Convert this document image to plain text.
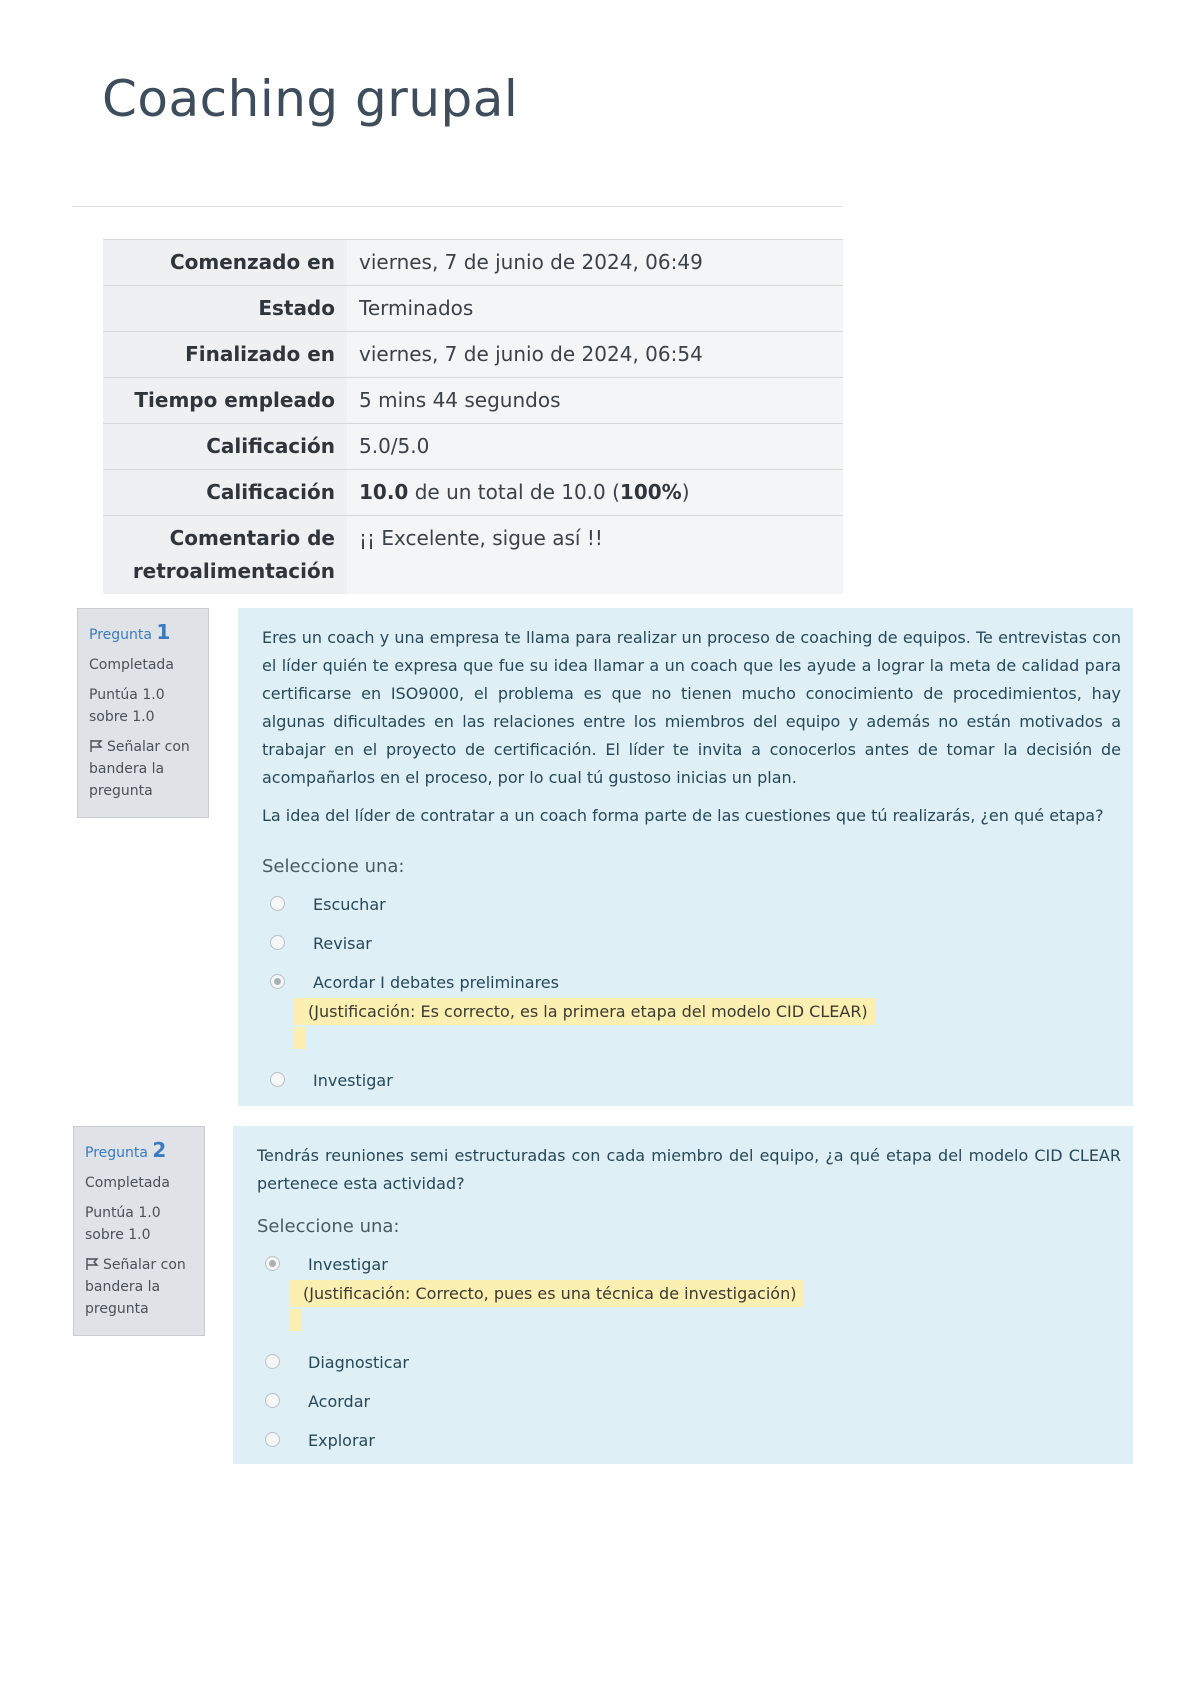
Coaching grupal
Comenzado en	viernes, 7 de junio de 2024, 06:49
Estado	Terminados
Finalizado en	viernes, 7 de junio de 2024, 06:54
Tiempo empleado	5 mins 44 segundos
Calificación	5.0/5.0
Calificación	10.0 de un total de 10.0 (100%)
Comentario de retroalimentación	¡¡ Excelente, sigue así !!
Pregunta 1
Completada
Puntúa 1.0 sobre 1.0
Señalar con bandera la pregunta

Eres un coach y una empresa te llama para realizar un proceso de coaching de equipos. Te entrevistas con el líder quién te expresa que fue su idea llamar a un coach que les ayude a lograr la meta de calidad para certificarse en ISO9000, el problema es que no tienen mucho conocimiento de procedimientos, hay algunas dificultades en las relaciones entre los miembros del equipo y además no están motivados a trabajar en el proyecto de certificación. El líder te invita a conocerlos antes de tomar la decisión de acompañarlos en el proceso, por lo cual tú gustoso inicias un plan.

La idea del líder de contratar a un coach forma parte de las cuestiones que tú realizarás, ¿en qué etapa?

Seleccione una:
Escuchar
Revisar
Acordar I debates preliminares
(Justificación: Es correcto, es la primera etapa del modelo CID CLEAR)
Investigar
Pregunta 2
Completada
Puntúa 1.0 sobre 1.0
Señalar con bandera la pregunta

Tendrás reuniones semi estructuradas con cada miembro del equipo, ¿a qué etapa del modelo CID CLEAR pertenece esta actividad?

Seleccione una:
Investigar
(Justificación: Correcto, pues es una técnica de investigación)
Diagnosticar
Acordar
Explorar
